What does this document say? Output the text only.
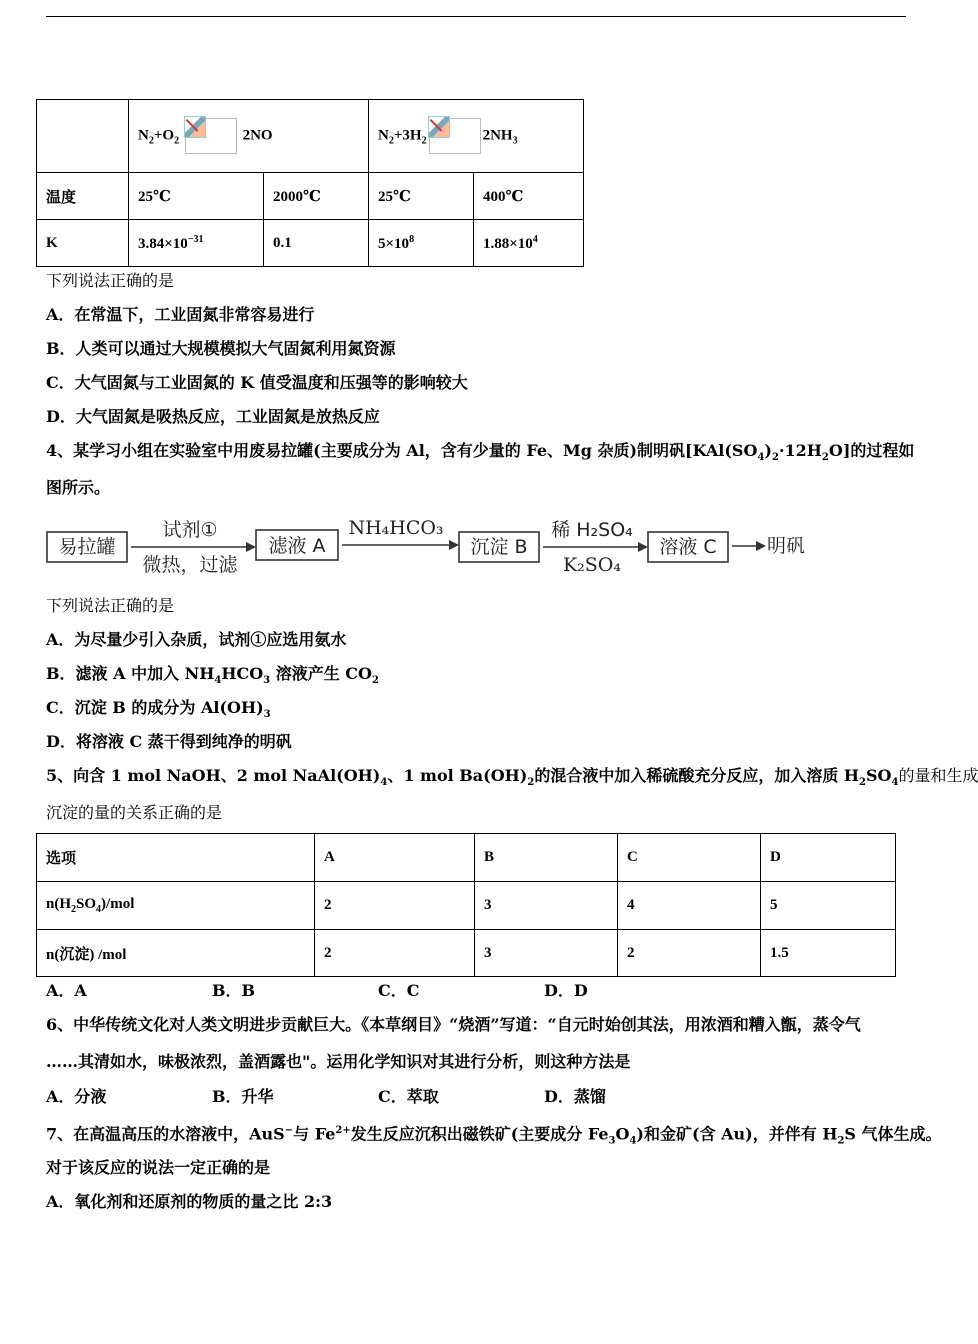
	$N_2+O_2$ 2NO		$N_2+3H_2$ $2NH_3$
温度	25℃	2000℃	25℃	400℃
K	$3.84\times 10^{-31}$	0.1	$5\times 10^8$	$1.88\times 10^4$
下列说法正确的是
A．在常温下，工业固氮非常容易进行
B．人类可以通过大规模模拟大气固氮利用氮资源
C．大气固氮与工业固氮的 K 值受温度和压强等的影响较大
D．大气固氮是吸热反应，工业固氮是放热反应
4、某学习小组在实验室中用废易拉罐(主要成分为 Al，含有少量的 Fe、Mg 杂质)制明矾$[KAl(SO_4)_2\cdot 12H_2O]$的过程如
图所示。
易拉罐
试剂①
微热，过滤
滤液 A
NH₄HCO₃
沉淀 B
稀 H₂SO₄
K₂SO₄
溶液 C	明矾
下列说法正确的是
A．为尽量少引入杂质，试剂①应选用氨水
B．滤液 A 中加入 $NH_4HCO_3$ 溶液产生 $CO_2$
C．沉淀 B 的成分为 $Al(OH)_3$
D．将溶液 C 蒸干得到纯净的明矾
5、向含 1 mol NaOH、2 mol $NaAl(OH)_4$、1 mol $Ba(OH)_2$的混合液中加入稀硫酸充分反应，加入溶质 $H_2SO_4$的量和生成
沉淀的量的关系正确的是
选项	A	B	C	D
$n(H_2SO_4)$/mol	2	3	4	5
n(沉淀) /mol	2	3	2	1.5
A．A	B．B	C．C	D．D
6、中华传统文化对人类文明进步贡献巨大。《本草纲目》“烧酒”写道：“自元时始创其法，用浓酒和糟入甑，蒸令气
……其清如水，味极浓烈，盖酒露也"。运用化学知识对其进行分析，则这种方法是
A．分液	B．升华	C．萃取	D．蒸馏
7、在高温高压的水溶液中，AuS−与 $Fe^{2+}$发生反应沉积出磁铁矿(主要成分 $Fe_3O_4$)和金矿(含 Au)，并伴有 $H_2S$ 气体生成。
对于该反应的说法一定正确的是
A．氧化剂和还原剂的物质的量之比 2:3
